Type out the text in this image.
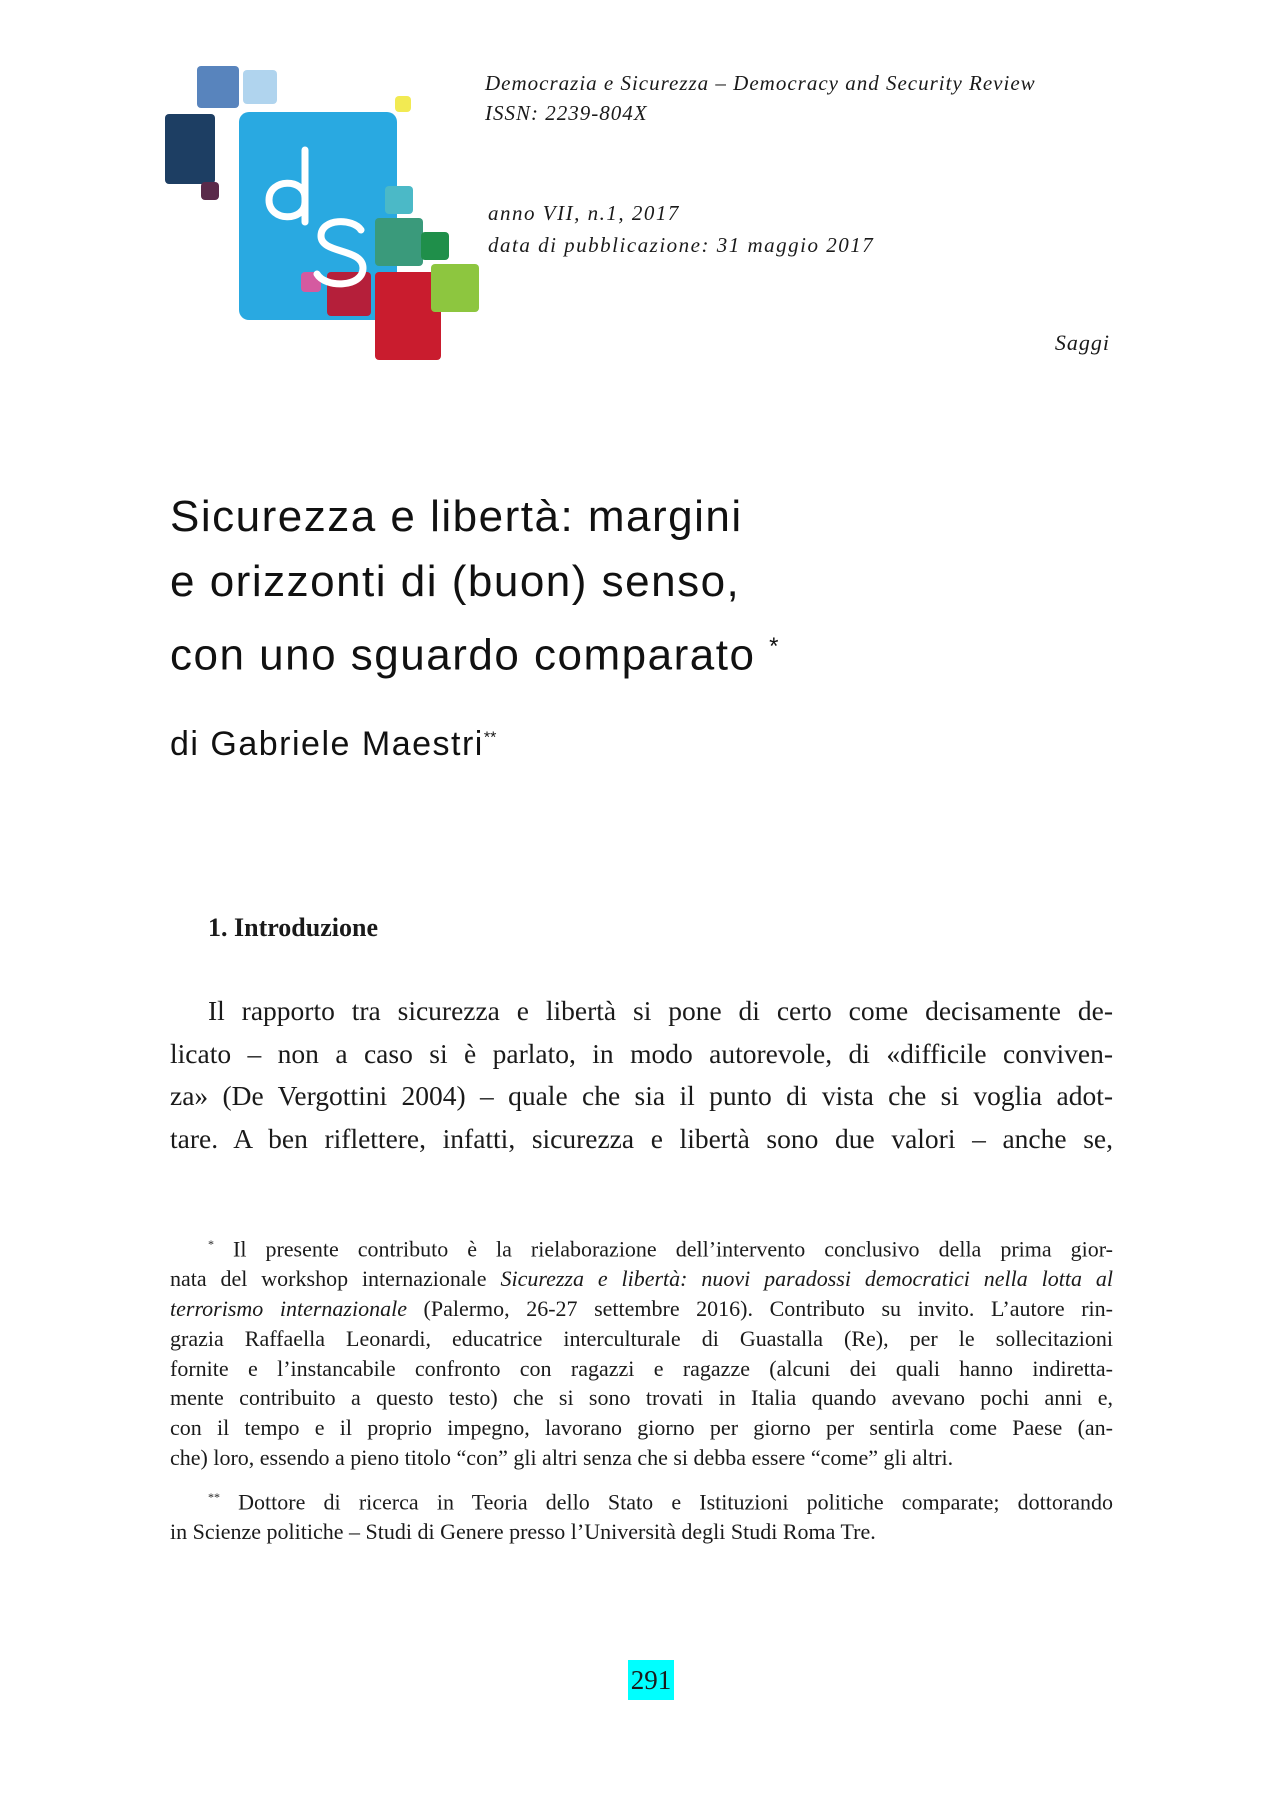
Democrazia e Sicurezza – Democracy and Security Review
ISSN: 2239-804X
anno VII, n.1, 2017
data di pubblicazione: 31 maggio 2017
Saggi
Sicurezza e libertà: margini
e orizzonti di (buon) senso,
con uno sguardo comparato *
di Gabriele Maestri**
1. Introduzione
Il rapporto tra sicurezza e libertà si pone di certo come decisamente de-
licato – non a caso si è parlato, in modo autorevole, di «difficile conviven-
za» (De Vergottini 2004) – quale che sia il punto di vista che si voglia adot-
tare. A ben riflettere, infatti, sicurezza e libertà sono due valori – anche se,
* Il presente contributo è la rielaborazione dell’intervento conclusivo della prima gior-
nata del workshop internazionale Sicurezza e libertà: nuovi paradossi democratici nella lotta al
terrorismo internazionale (Palermo, 26-27 settembre 2016). Contributo su invito. L’autore rin-
grazia Raffaella Leonardi, educatrice interculturale di Guastalla (Re), per le sollecitazioni
fornite e l’instancabile confronto con ragazzi e ragazze (alcuni dei quali hanno indiretta-
mente contribuito a questo testo) che si sono trovati in Italia quando avevano pochi anni e,
con il tempo e il proprio impegno, lavorano giorno per giorno per sentirla come Paese (an-
che) loro, essendo a pieno titolo “con” gli altri senza che si debba essere “come” gli altri.
** Dottore di ricerca in Teoria dello Stato e Istituzioni politiche comparate; dottorando
in Scienze politiche – Studi di Genere presso l’Università degli Studi Roma Tre.
291
